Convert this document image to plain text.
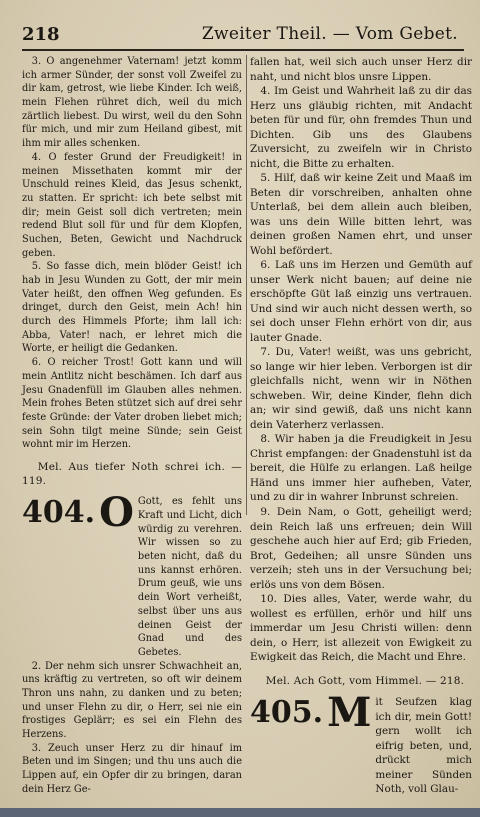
218	Zweiter Theil. — Vom Gebet.

3. O angenehmer Vaternam! jetzt komm ich armer Sünder, der sonst voll Zweifel zu dir kam, getrost, wie liebe Kinder. Ich weiß, mein Flehen rühret dich, weil du mich zärtlich liebest. Du wirst, weil du den Sohn für mich, und mir zum Heiland gibest, mit ihm mir alles schenken.

4. O fester Grund der Freudigkeit! in meinen Missethaten kommt mir der Unschuld reines Kleid, das Jesus schenkt, zu statten. Er spricht: ich bete selbst mit dir; mein Geist soll dich vertreten; mein redend Blut soll für und für dem Klopfen, Suchen, Beten, Gewicht und Nachdruck geben.

5. So fasse dich, mein blöder Geist! ich hab in Jesu Wunden zu Gott, der mir mein Vater heißt, den offnen Weg gefunden. Es dringet, durch den Geist, mein Ach! hin durch des Himmels Pforte; ihm lall ich: Abba, Vater! nach, er lehret mich die Worte, er heiligt die Gedanken.

6. O reicher Trost! Gott kann und will mein Antlitz nicht beschämen. Ich darf aus Jesu Gnadenfüll im Glauben alles nehmen. Mein frohes Beten stützet sich auf drei sehr feste Gründe: der Vater droben liebet mich; sein Sohn tilgt meine Sünde; sein Geist wohnt mir im Herzen.

Mel. Aus tiefer Noth schrei ich. — 119.

404. O Gott, es fehlt uns Kraft und Licht, dich würdig zu verehren. Wir wissen so zu beten nicht, daß du uns kannst erhören. Drum geuß, wie uns dein Wort verheißt, selbst über uns aus deinen Geist der Gnad und des Gebetes.

2. Der nehm sich unsrer Schwachheit an, uns kräftig zu vertreten, so oft wir deinem Thron uns nahn, zu danken und zu beten; und unser Flehn zu dir, o Herr, sei nie ein frostiges Geplärr; es sei ein Flehn des Herzens.

3. Zeuch unser Herz zu dir hinauf im Beten und im Singen; und thu uns auch die Lippen auf, ein Opfer dir zu bringen, daran dein Herz Ge-

fallen hat, weil sich auch unser Herz dir naht, und nicht blos unsre Lippen.

4. Im Geist und Wahrheit laß zu dir das Herz uns gläubig richten, mit Andacht beten für und für, ohn fremdes Thun und Dichten. Gib uns des Glaubens Zuversicht, zu zweifeln wir in Christo nicht, die Bitte zu erhalten.

5. Hilf, daß wir keine Zeit und Maaß im Beten dir vorschreiben, anhalten ohne Unterlaß, bei dem allein auch bleiben, was uns dein Wille bitten lehrt, was deinen großen Namen ehrt, und unser Wohl befördert.

6. Laß uns im Herzen und Gemüth auf unser Werk nicht bauen; auf deine nie erschöpfte Güt laß einzig uns vertrauen. Und sind wir auch nicht dessen werth, so sei doch unser Flehn erhört von dir, aus lauter Gnade.

7. Du, Vater! weißt, was uns gebricht, so lange wir hier leben. Verborgen ist dir gleichfalls nicht, wenn wir in Nöthen schweben. Wir, deine Kinder, flehn dich an; wir sind gewiß, daß uns nicht kann dein Vaterherz verlassen.

8. Wir haben ja die Freudigkeit in Jesu Christ empfangen: der Gnadenstuhl ist da bereit, die Hülfe zu erlangen. Laß heilge Händ uns immer hier aufheben, Vater, und zu dir in wahrer Inbrunst schreien.

9. Dein Nam, o Gott, geheiligt werd; dein Reich laß uns erfreuen; dein Will geschehe auch hier auf Erd; gib Frieden, Brot, Gedeihen; all unsre Sünden uns verzeih; steh uns in der Versuchung bei; erlös uns von dem Bösen.

10. Dies alles, Vater, werde wahr, du wollest es erfüllen, erhör und hilf uns immerdar um Jesu Christi willen: denn dein, o Herr, ist allezeit von Ewigkeit zu Ewigkeit das Reich, die Macht und Ehre.

Mel. Ach Gott, vom Himmel. — 218.

405. M it Seufzen klag ich dir, mein Gott! gern wollt ich eifrig beten, und, drückt mich meiner Sünden Noth, voll Glau-
